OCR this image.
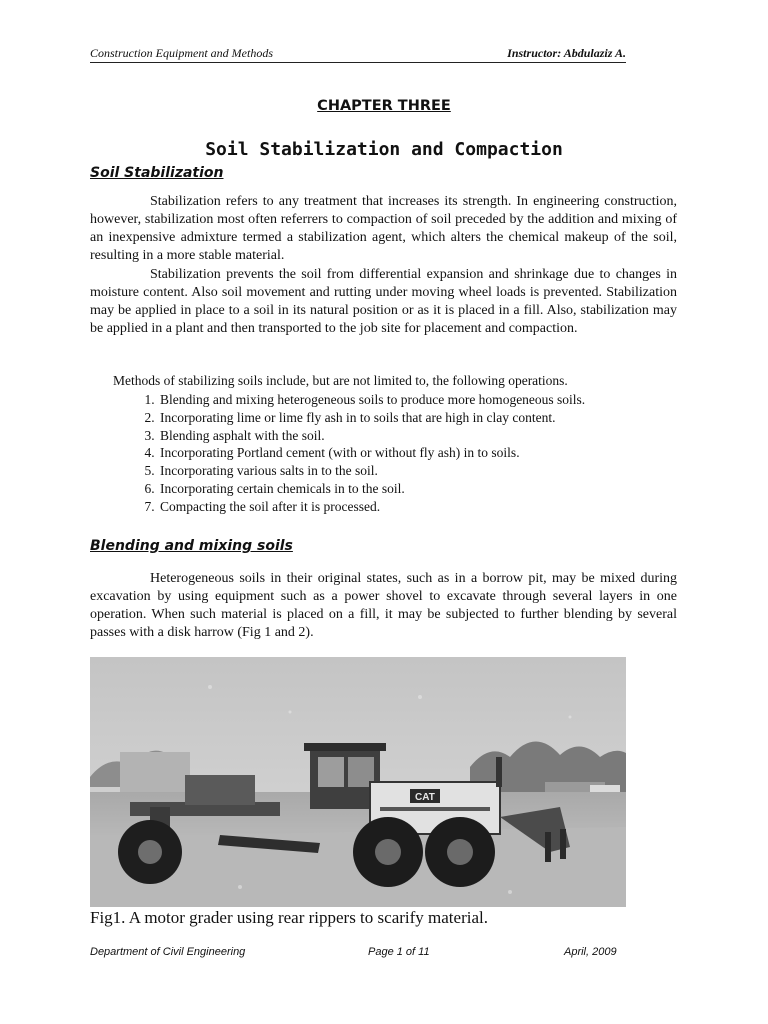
Construction Equipment and Methods	Instructor: Abdulaziz A.
CHAPTER THREE
Soil Stabilization and Compaction
Soil Stabilization

Stabilization refers to any treatment that increases its strength. In engineering construction, however, stabilization most often referrers to compaction of soil preceded by the addition and mixing of an inexpensive admixture termed a stabilization agent, which alters the chemical makeup of the soil, resulting in a more stable material.

Stabilization prevents the soil from differential expansion and shrinkage due to changes in moisture content. Also soil movement and rutting under moving wheel loads is prevented. Stabilization may be applied in place to a soil in its natural position or as it is placed in a fill. Also, stabilization may be applied in a plant and then transported to the job site for placement and compaction.

Methods of stabilizing soils include, but are not limited to, the following operations.
1. Blending and mixing heterogeneous soils to produce more homogeneous soils.
2. Incorporating lime or lime fly ash in to soils that are high in clay content.
3. Blending asphalt with the soil.
4. Incorporating Portland cement (with or without fly ash) in to soils.
5. Incorporating various salts in to the soil.
6. Incorporating certain chemicals in to the soil.
7. Compacting the soil after it is processed.
Blending and mixing soils

Heterogeneous soils in their original states, such as in a borrow pit, may be mixed during excavation by using equipment such as a power shovel to excavate through several layers in one operation. When such material is placed on a fill, it may be subjected to further blending by several passes with a disk harrow (Fig 1 and 2).

CAT
Fig1. A motor grader using rear rippers to scarify material.
Department of Civil Engineering	Page 1 of 11	April, 2009
